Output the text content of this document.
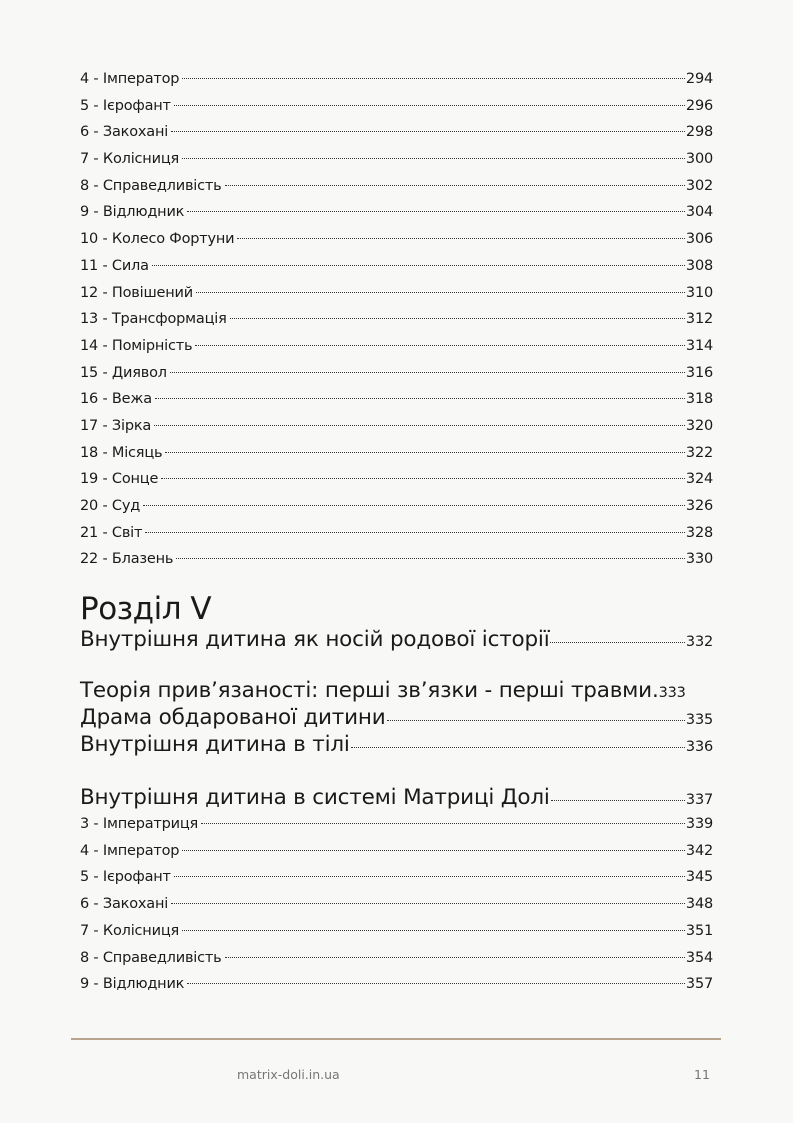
4 - Імператор	294
5 - Ієрофант	296
6 - Закохані	298
7 - Колісниця	300
8 - Справедливість	302
9 - Відлюдник	304
10 - Колесо Фортуни	306
11 - Сила	308
12 - Повішений	310
13 - Трансформація	312
14 - Помірність	314
15 - Диявол	316
16 - Вежа	318
17 - Зірка	320
18 - Місяць	322
19 - Сонце	324
20 - Суд	326
21 - Світ	328
22 - Блазень	330
Розділ V
Внутрішня дитина як носій родової історії	332
Теорія прив’язаності: перші зв’язки - перші травми. 333
Драма обдарованої дитини	335
Внутрішня дитина в тілі	336
Внутрішня дитина в системі Матриці Долі	337
3 - Імператриця	339
4 - Імператор	342
5 - Ієрофант	345
6 - Закохані	348
7 - Колісниця	351
8 - Справедливість	354
9 - Відлюдник	357
matrix-doli.in.ua	11
